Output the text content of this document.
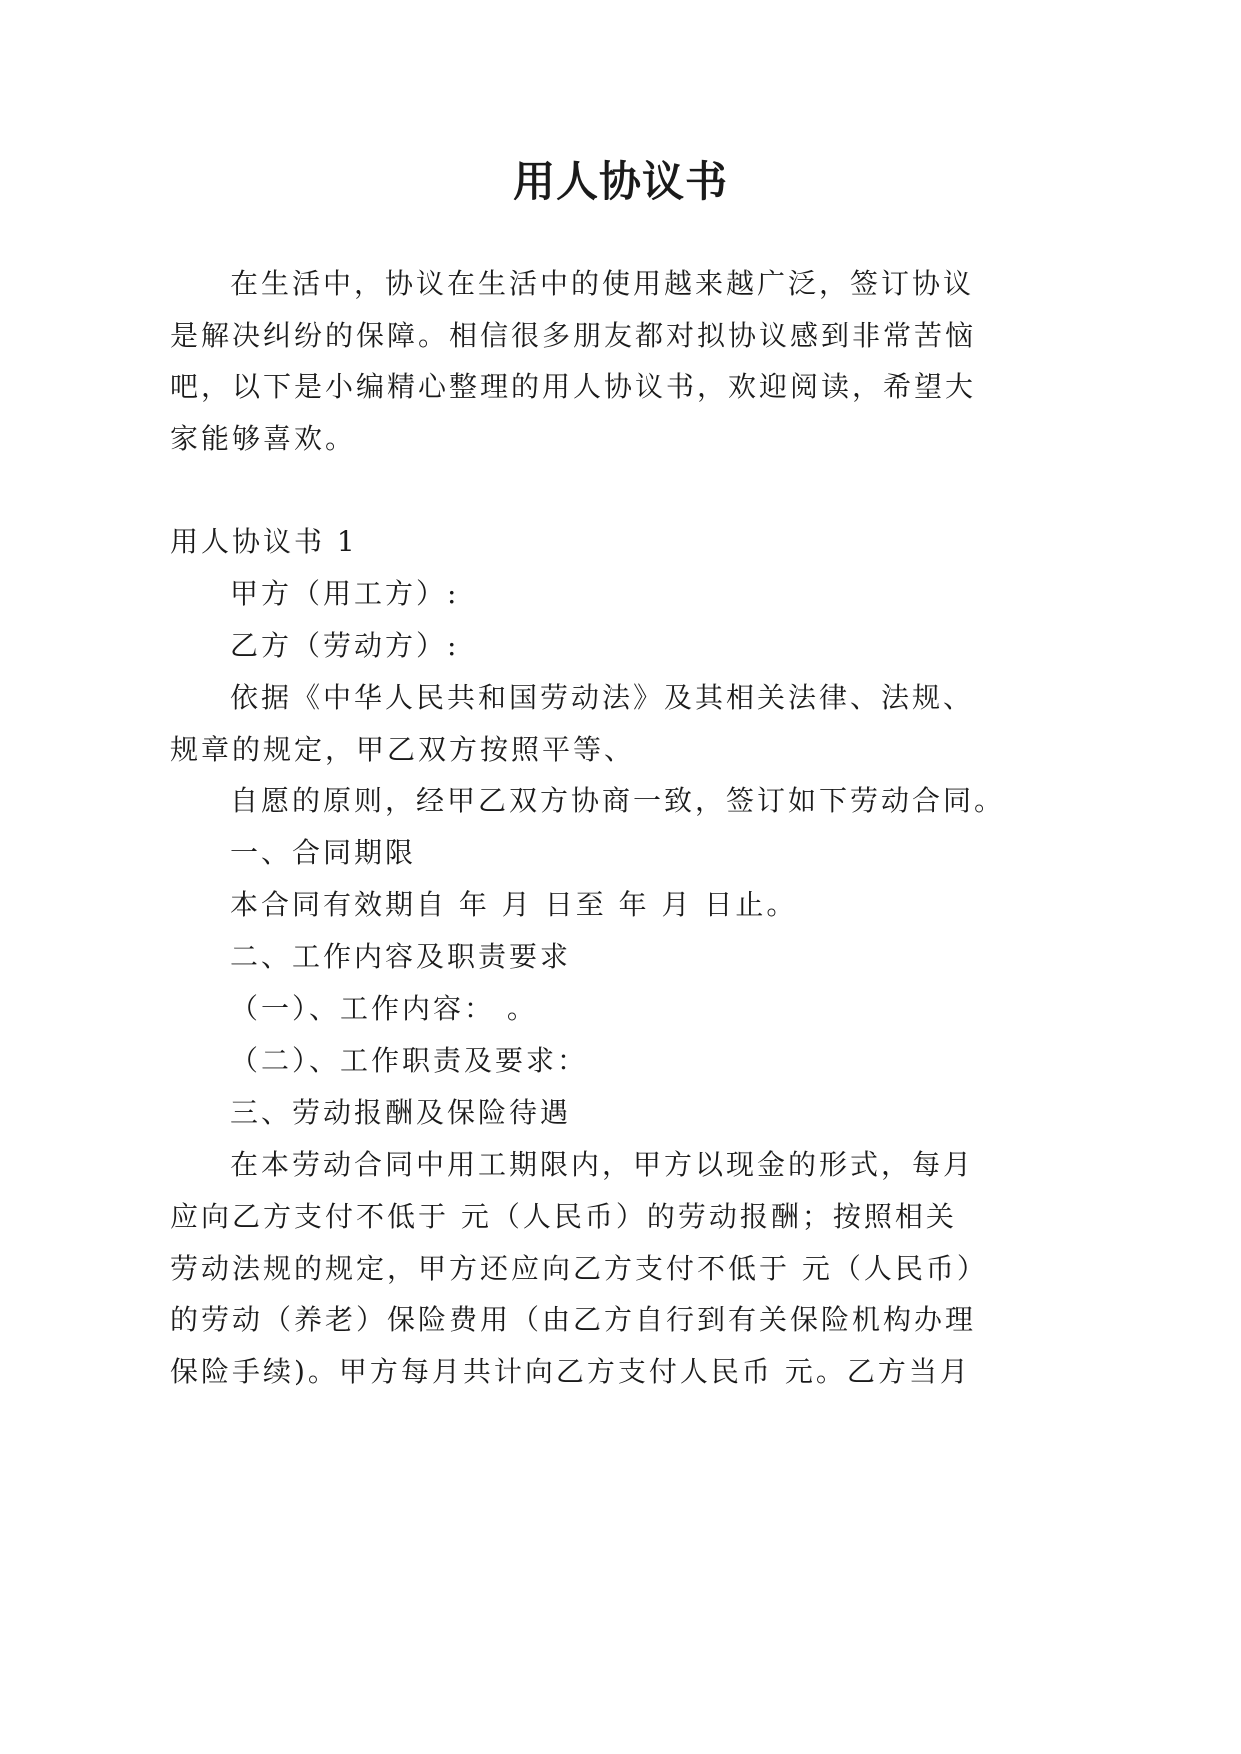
用人协议书
在生活中，协议在生活中的使用越来越广泛，签订协议
是解决纠纷的保障。相信很多朋友都对拟协议感到非常苦恼
吧，以下是小编精心整理的用人协议书，欢迎阅读，希望大
家能够喜欢。
用人协议书 1
甲方（用工方）:
乙方（劳动方）:
依据《中华人民共和国劳动法》及其相关法律、法规、
规章的规定，甲乙双方按照平等、
自愿的原则，经甲乙双方协商一致，签订如下劳动合同。
一、合同期限
本合同有效期自 年 月 日至 年 月 日止。
二、工作内容及职责要求
（一）、工作内容： 。
（二）、工作职责及要求：
三、劳动报酬及保险待遇
在本劳动合同中用工期限内，甲方以现金的形式，每月
应向乙方支付不低于 元（人民币）的劳动报酬；按照相关
劳动法规的规定，甲方还应向乙方支付不低于 元（人民币）
的劳动（养老）保险费用（由乙方自行到有关保险机构办理
保险手续)。甲方每月共计向乙方支付人民币 元。乙方当月
